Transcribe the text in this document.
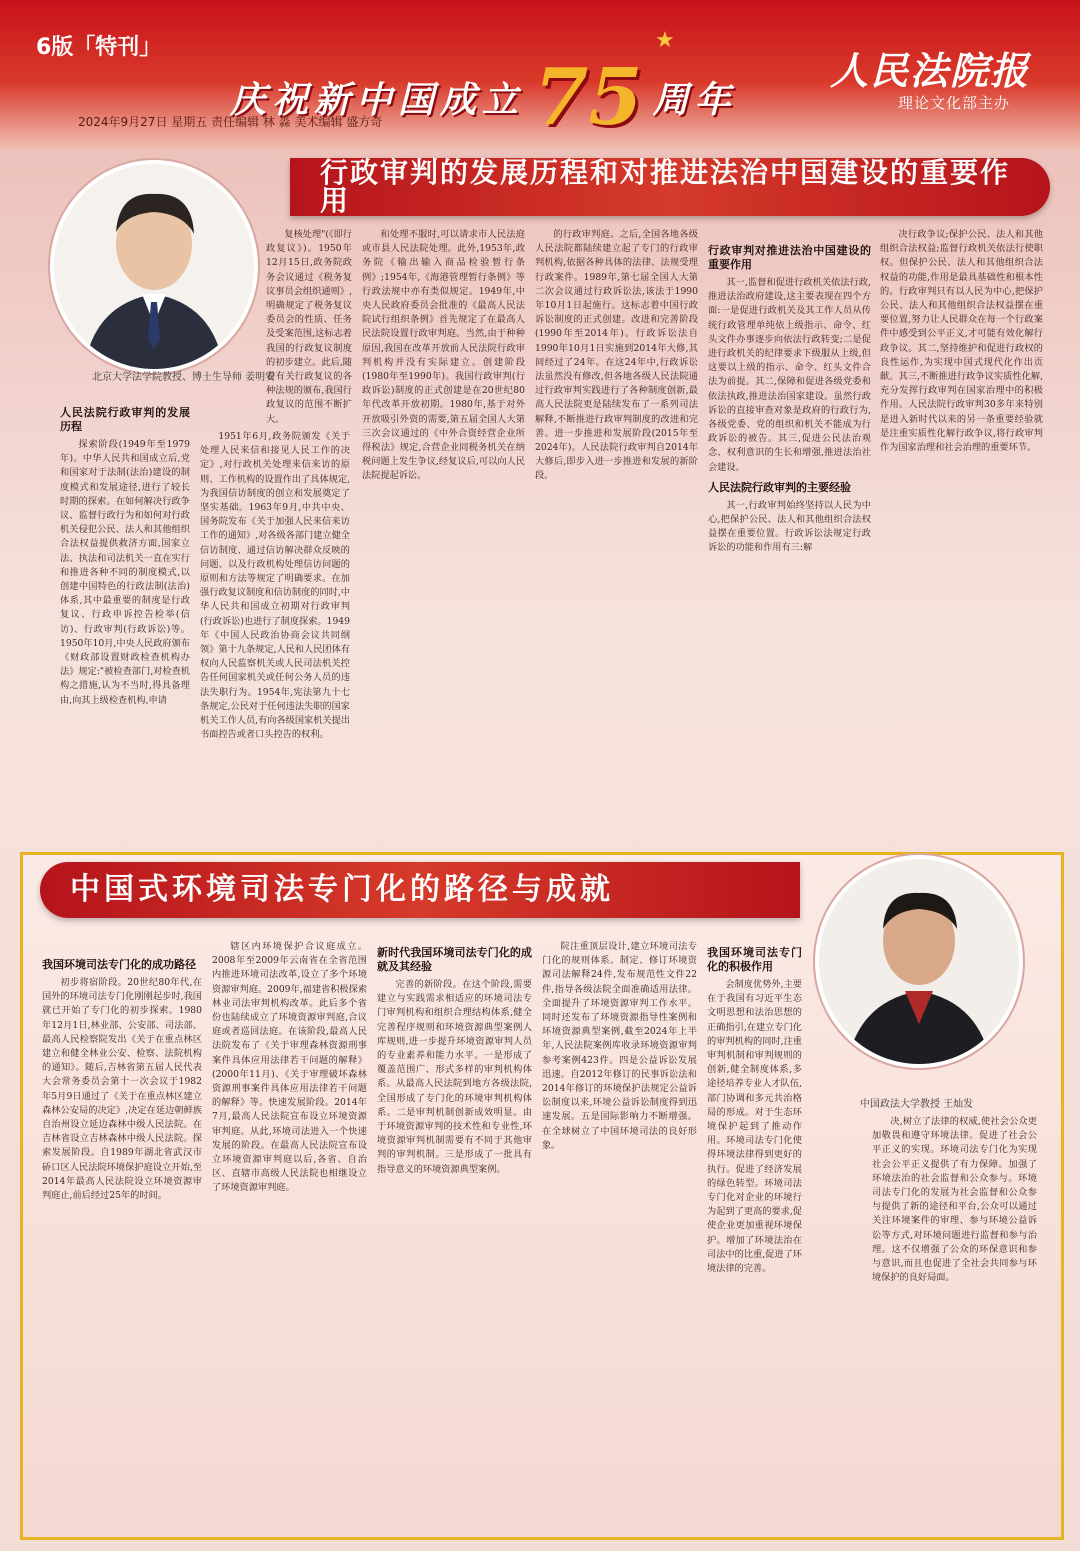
6版「特刊」
庆祝新中国成立 75 周年
★
人民法院报
理论文化部主办
2024年9月27日 星期五 责任编辑 林 淼 美术编辑 盛方奇
行政审判的发展历程和对推进法治中国建设的重要作用
北京大学法学院教授、博士生导师 姜明安

复核处理"(《即行政复议》)。1950年12月15日,政务院政务会议通过《税务复议事员会组织通则》,明确规定了税务复议委员会的性质、任务及受案范围,这标志着我国的行政复议制度的初步建立。此后,随着有关行政复议的各种法规的颁布,我国行政复议的范围不断扩大。

人民法院行政审判的发展历程

探索阶段(1949年至1979年)。中华人民共和国成立后,党和国家对于法制(法治)建设的制度模式和发展途径,进行了较长时期的探索。在如何解决行政争议、监督行政行为和如何对行政机关侵犯公民、法人和其他组织合法权益提供救济方面,国家立法、执法和司法机关一直在实行和推进各种不同的制度模式,以创建中国特色的行政法制(法治)体系,其中最重要的制度是行政复议、行政申诉控告检举(信访)、行政审判(行政诉讼)等。1950年10月,中央人民政府颁布《财政部设置财政检查机构办法》规定:"被检查部门,对检查机构之措施,认为不当时,得具备理由,向其上级检查机构,申请

1951年6月,政务院颁发《关于处理人民来信和接见人民工作的决定》,对行政机关处理来信来访的原则、工作机构的设置作出了具体规定,为我国信访制度的创立和发展奠定了坚实基础。1963年9月,中共中央、国务院发布《关于加强人民来信来访工作的通知》,对各级各部门建立健全信访制度、通过信访解决群众反映的问题、以及行政机构处理信访问题的原则和方法等规定了明确要求。在加强行政复议制度和信访制度的同时,中华人民共和国成立初期对行政审判(行政诉讼)也进行了制度探索。1949年《中国人民政治协商会议共同纲领》第十九条规定,人民和人民团体有权向人民监察机关或人民司法机关控告任何国家机关或任何公务人员的违法失职行为。1954年,宪法第九十七条规定,公民对于任何违法失职的国家机关工作人员,有向各级国家机关提出书面控告或者口头控告的权利。

和处理不服时,可以请求市人民法庭或市县人民法院处理。此外,1953年,政务院《输出输入商品检验暂行条例》;1954年,《海港管理暂行条例》等行政法规中亦有类似规定。1949年,中央人民政府委员会批准的《最高人民法院试行组织条例》首先规定了在最高人民法院设置行政审判庭。当然,由于种种原因,我国在改革开放前人民法院行政审判机构并没有实际建立。创建阶段(1980年至1990年)。我国行政审判(行政诉讼)制度的正式创建是在20世纪80年代改革开放初期。1980年,基于对外开放吸引外资的需要,第五届全国人大第三次会议通过的《中外合资经营企业所得税法》规定,合营企业同税务机关在纳税问题上发生争议,经复议后,可以向人民法院提起诉讼。

的行政审判庭。之后,全国各地各级人民法院都陆续建立起了专门的行政审判机构,依据各种具体的法律、法规受理行政案件。1989年,第七届全国人大第二次会议通过行政诉讼法,该法于1990年10月1日起施行。这标志着中国行政诉讼制度的正式创建。改进和完善阶段(1990年至2014年)。行政诉讼法自1990年10月1日实施到2014年大修,其间经过了24年。在这24年中,行政诉讼法虽然没有修改,但各地各级人民法院通过行政审判实践进行了各种制度创新,最高人民法院更是陆续发布了一系列司法解释,不断推进行政审判制度的改进和完善。进一步推进和发展阶段(2015年至2024年)。人民法院行政审判自2014年大修后,即步入进一步推进和发展的新阶段。

行政审判对推进法治中国建设的重要作用

其一,监督和促进行政机关依法行政,推进法治政府建设,这主要表现在四个方面:一是促进行政机关及其工作人员从传统行政管理单纯依上级指示、命令、红头文件办事逐步向依法行政转变;二是促进行政机关的纪律要求下级服从上级,但这要以上级的指示、命令、红头文件合法为前提。其二,保障和促进各级党委和依法执政,推进法治国家建设。虽然行政诉讼的直接审查对象是政府的行政行为,各级党委、党的组织和机关不能成为行政诉讼的被告。其三,促进公民法治观念、权利意识的生长和增强,推进法治社会建设。

人民法院行政审判的主要经验

其一,行政审判始终坚持以人民为中心,把保护公民、法人和其他组织合法权益摆在重要位置。行政诉讼法规定行政诉讼的功能和作用有三:解

决行政争议;保护公民、法人和其他组织合法权益;监督行政机关依法行使职权。但保护公民、法人和其他组织合法权益的功能,作用是最具基础性和根本性的。行政审判只有以人民为中心,把保护公民、法人和其他组织合法权益摆在重要位置,努力让人民群众在每一个行政案件中感受到公平正义,才可能有效化解行政争议。其二,坚持维护和促进行政权的良性运作,为实现中国式现代化作出贡献。其三,不断推进行政争议实质性化解,充分发挥行政审判在国家治理中的积极作用。人民法院行政审判30多年来特别是进入新时代以来的另一条重要经验就是注重实质性化解行政争议,将行政审判作为国家治理和社会治理的重要环节。

中国式环境司法专门化的路径与成就
中国政法大学教授 王灿发
我国环境司法专门化的成功路径

初步将宿阶段。20世纪80年代,在国外的环境司法专门化刚刚起步时,我国就已开始了专门化的初步探索。1980年12月1日,林业部、公安部、司法部、最高人民检察院发出《关于在重点林区建立和健全林业公安、检察、法院机构的通知》。随后,吉林省第五届人民代表大会常务委员会第十一次会议于1982年5月9日通过了《关于在重点林区建立森林公安局的决定》,决定在延边朝鲜族自治州设立延边森林中级人民法院。在吉林省设立吉林森林中级人民法院。探索发展阶段。自1989年湖北省武汉市硚口区人民法院环境保护庭设立开始,至2014年最高人民法院设立环境资源审判庭止,前后经过25年的时间。

辖区内环境保护合议庭成立。2008年至2009年云南省在全省范围内推进环境司法改革,设立了多个环境资源审判庭。2009年,福建省积极探索林业司法审判机构改革。此后多个省份也陆续成立了环境资源审判庭,合议庭或者巡回法庭。在该阶段,最高人民法院发布了《关于审理森林资源刑事案件具体应用法律若干问题的解释》(2000年11月)、《关于审理破坏森林资源刑事案件具体应用法律若干问题的解释》等。快速发展阶段。2014年7月,最高人民法院宣布设立环境资源审判庭。从此,环境司法进入一个快速发展的阶段。在最高人民法院宣布设立环境资源审判庭以后,各省、自治区、直辖市高级人民法院也相继设立了环境资源审判庭。

新时代我国环境司法专门化的成就及其经验

完善的新阶段。在这个阶段,需要建立与实践需求相适应的环境司法专门审判机构和组织合理结构体系,健全完善程序规则和环境资源典型案例人库规则,进一步提升环境资源审判人员的专业素养和能力水平。一是形成了覆盖范围广、形式多样的审判机构体系。从最高人民法院到地方各级法院,全国形成了专门化的环境审判机构体系。二是审判机制创新成效明显。由于环境资源审判的技术性和专业性,环境资源审判机制需要有不同于其他审判的审判机制。三是形成了一批具有指导意义的环境资源典型案例。

院注重顶层设计,建立环境司法专门化的规则体系。制定、修订环境资源司法解释24件,发布规范性文件22件,指导各级法院全面准确适用法律。全面提升了环境资源审判工作水平。同时还发布了环境资源指导性案例和环境资源典型案例,截至2024年上半年,人民法院案例库收录环境资源审判参考案例423件。四是公益诉讼发展迅速。自2012年修订的民事诉讼法和2014年修订的环境保护法规定公益诉讼制度以来,环境公益诉讼制度得到迅速发展。五是国际影响力不断增强。在全球树立了中国环境司法的良好形象。

我国环境司法专门化的积极作用

会制度优势外,主要在于我国有习近平生态文明思想和法治思想的正确指引,在建立专门化的审判机构的同时,注重审判机制和审判规则的创新,健全制度体系,多途径培养专业人才队伍,部门协调和多元共治格局的形成。对于生态环境保护起到了推动作用。环境司法专门化使得环境法律得到更好的执行。促进了经济发展的绿色转型。环境司法专门化对企业的环境行为起到了更高的要求,促使企业更加重视环境保护。增加了环境法治在司法中的比重,促进了环境法律的完善。

决,树立了法律的权威,使社会公众更加敬畏和遵守环境法律。促进了社会公平正义的实现。环境司法专门化为实现社会公平正义提供了有力保障。加强了环境法治的社会监督和公众参与。环境司法专门化的发展为社会监督和公众参与提供了新的途径和平台,公众可以通过关注环境案件的审理、参与环境公益诉讼等方式,对环境问题进行监督和参与治理。这不仅增强了公众的环保意识和参与意识,而且也促进了全社会共同参与环境保护的良好局面。
